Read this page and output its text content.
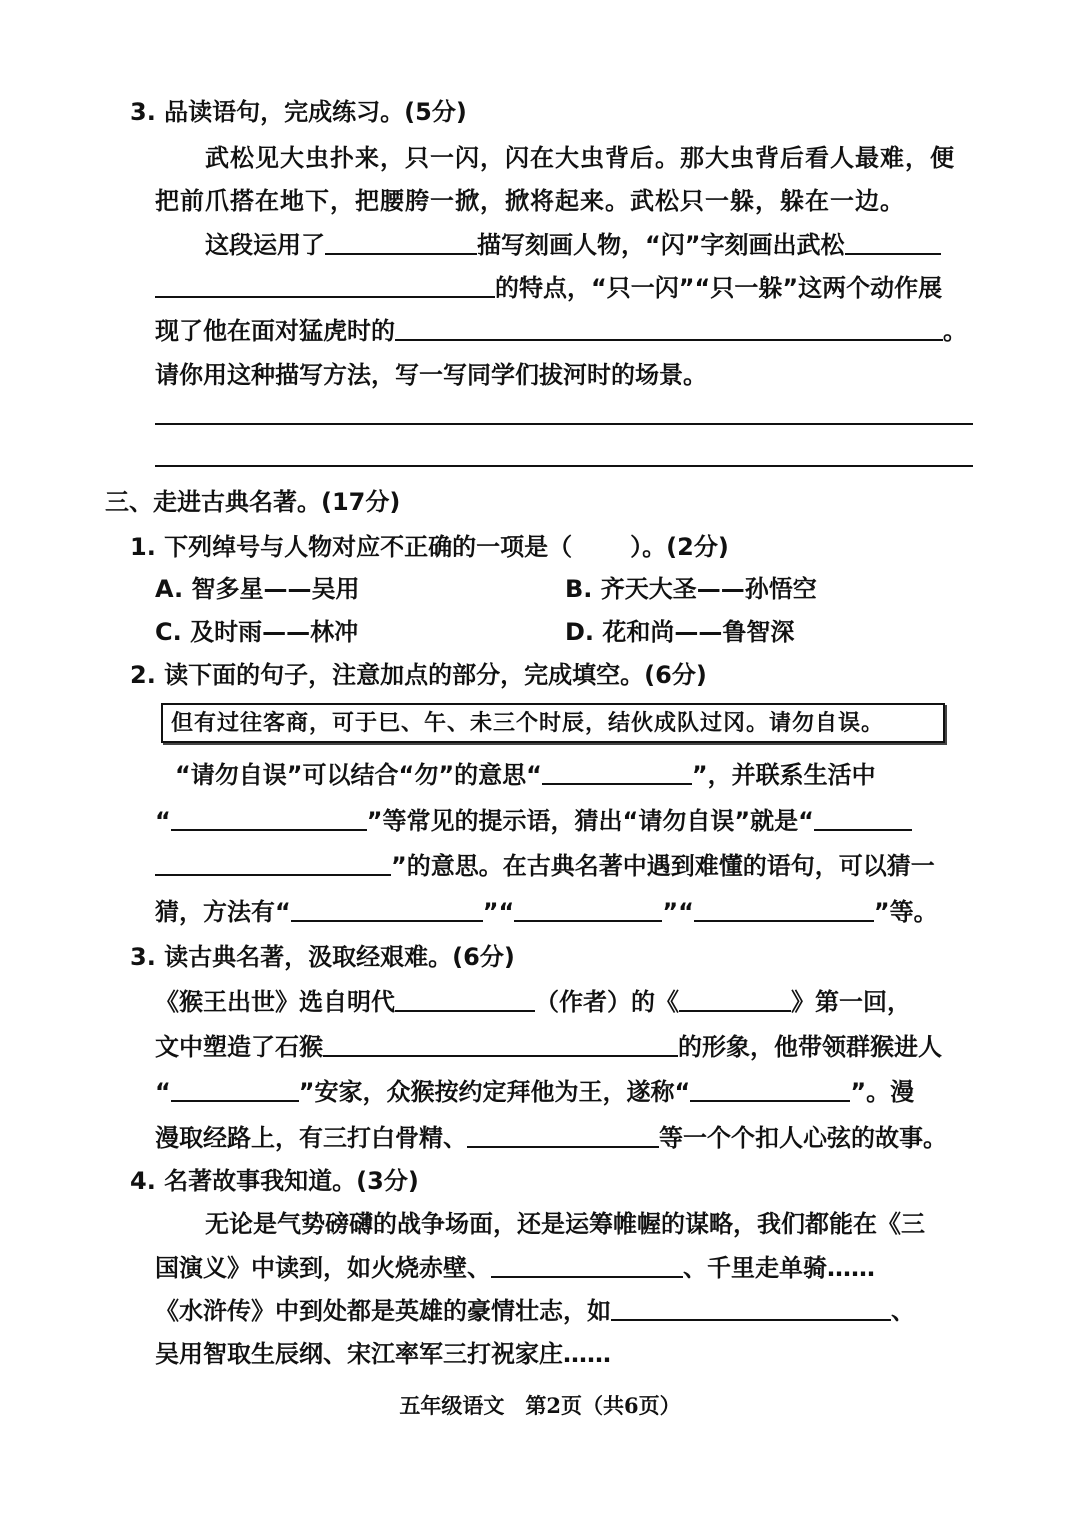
3. 品读语句，完成练习。(5分)
武松见大虫扑来，只一闪，闪在大虫背后。那大虫背后看人最难，便
把前爪搭在地下，把腰胯一掀，掀将起来。武松只一躲，躲在一边。
这段运用了	描写刻画人物，“闪”字刻画出武松
的特点，“只一闪”“只一躲”这两个动作展
现了他在面对猛虎时的	。
请你用这种描写方法，写一写同学们拔河时的场景。
三、走进古典名著。(17分)
1. 下列绰号与人物对应不正确的一项是（ ）。(2分)
A. 智多星——吴用	B. 齐天大圣——孙悟空
C. 及时雨——林冲	D. 花和尚——鲁智深
2. 读下面的句子，注意加点的部分，完成填空。(6分)
但有过往客商，可于巳、午、未三个时辰，结伙成队过冈。请勿自误。
“请勿自误”可以结合“勿”的意思“	”，并联系生活中
“	”等常见的提示语，猜出“请勿自误”就是“
”的意思。在古典名著中遇到难懂的语句，可以猜一
猜，方法有“	”“	”“	”等。
3. 读古典名著，汲取经艰难。(6分)
《猴王出世》选自明代	（作者）的《	》第一回，
文中塑造了石猴	的形象，他带领群猴进人
“	”安家，众猴按约定拜他为王，遂称“	”。漫
漫取经路上，有三打白骨精、	等一个个扣人心弦的故事。
4. 名著故事我知道。(3分)
无论是气势磅礴的战争场面，还是运筹帷幄的谋略，我们都能在《三
国演义》中读到，如火烧赤壁、	、千里走单骑……
《水浒传》中到处都是英雄的豪情壮志，如	、
吴用智取生辰纲、宋江率军三打祝家庄……
五年级语文　第2页（共6页）
